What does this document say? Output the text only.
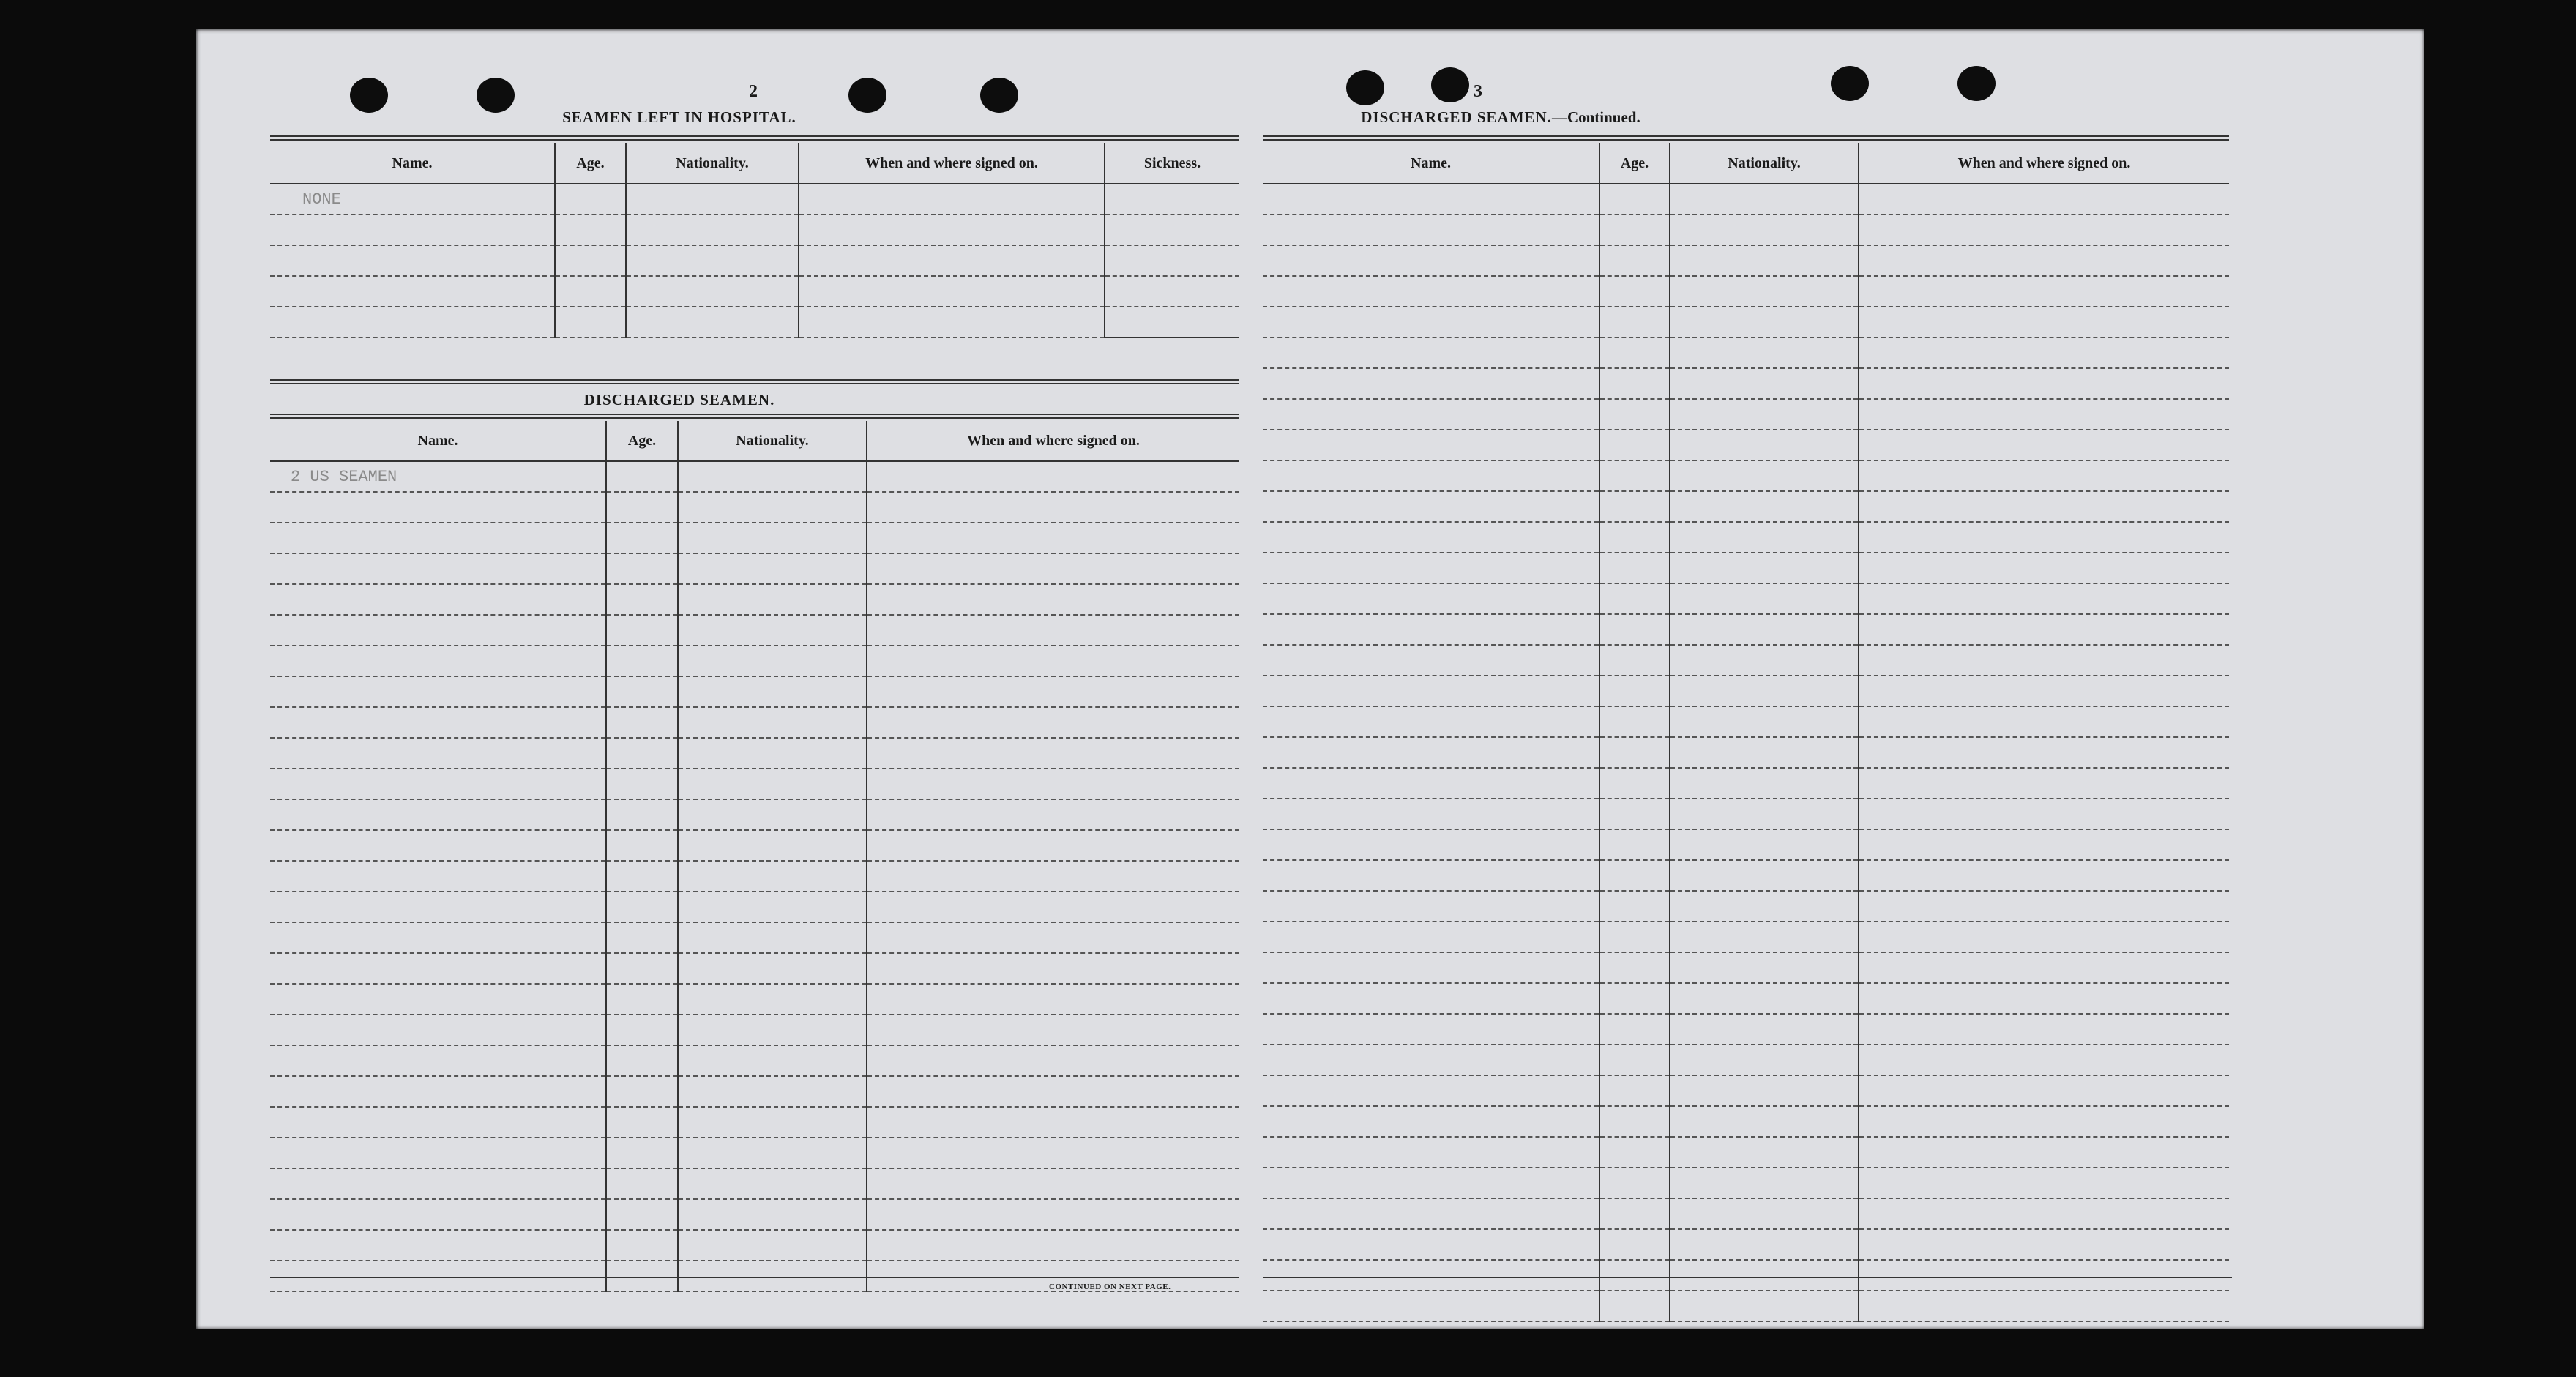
2
SEAMEN LEFT IN HOSPITAL.
Name.	Age.	Nationality.	When and where signed on.	Sickness.
NONE				

DISCHARGED SEAMEN.
Name.	Age.	Nationality.	When and where signed on.
2 US SEAMEN			

CONTINUED ON NEXT PAGE.
3
DISCHARGED SEAMEN.—Continued.
Name.	Age.	Nationality.	When and where signed on.
